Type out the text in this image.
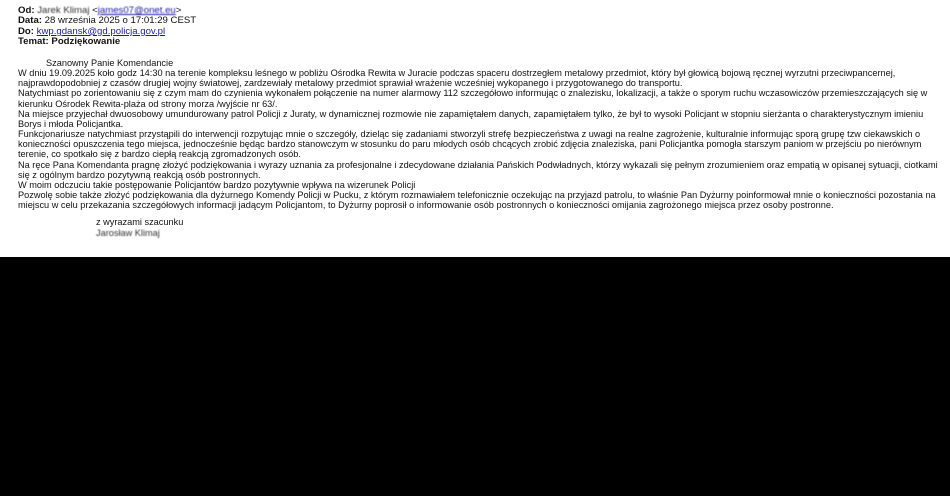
Od: Jarek Klimaj <james07@onet.eu>
Data: 28 września 2025 o 17:01:29 CEST
Do: kwp.gdansk@gd.policja.gov.pl
Temat: Podziękowanie
Szanowny Panie Komendancie

W dniu 19.09.2025 koło godz 14:30 na terenie kompleksu leśnego w pobliżu Ośrodka Rewita w Juracie podczas spaceru dostrzegłem metalowy przedmiot, który był głowicą bojową ręcznej wyrzutni przeciwpancernej, najprawdopodobniej z czasów drugiej wojny światowej, zardzewiały metalowy przedmiot sprawiał wrażenie wcześniej wykopanego i przygotowanego do transportu.

Natychmiast po zorientowaniu się z czym mam do czynienia wykonałem połączenie na numer alarmowy 112 szczegółowo informując o znalezisku, lokalizacji, a także o sporym ruchu wczasowiczów przemieszczających się w kierunku Ośrodek Rewita-plaża od strony morza /wyjście nr 63/.

Na miejsce przyjechał dwuosobowy umundurowany patrol Policji z Juraty, w dynamicznej rozmowie nie zapamiętałem danych, zapamiętałem tylko, że był to wysoki Policjant w stopniu sierżanta o charakterystycznym imieniu Borys i młoda Policjantka.

Funkcjonariusze natychmiast przystąpili do interwencji rozpytując mnie o szczegóły, dzieląc się zadaniami stworzyli strefę bezpieczeństwa z uwagi na realne zagrożenie, kulturalnie informując sporą grupę tzw ciekawskich o konieczności opuszczenia tego miejsca, jednocześnie będąc bardzo stanowczym w stosunku do paru młodych osób chcących zrobić zdjęcia znaleziska, pani Policjantka pomogła starszym paniom w przejściu po nierównym terenie, co spotkało się z bardzo ciepłą reakcją zgromadzonych osób.

Na ręce Pana Komendanta pragnę złożyć podziękowania i wyrazy uznania za profesjonalne i zdecydowane działania Pańskich Podwładnych, którzy wykazali się pełnym zrozumieniem oraz empatią w opisanej sytuacji, ciotkami się z ogólnym bardzo pozytywną reakcją osób postronnych.

W moim odczuciu takie postępowanie Policjantów bardzo pozytywnie wpływa na wizerunek Policji

Pozwolę sobie także złożyć podziękowania dla dyżurnego Komendy Policji w Pucku, z którym rozmawiałem telefonicznie oczekując na przyjazd patrolu, to właśnie Pan Dyżurny poinformował mnie o konieczności pozostania na miejscu w celu przekazania szczegółowych informacji jadącym Policjantom, to Dyżurny poprosił o informowanie osób postronnych o konieczności omijania zagrożonego miejsca przez osoby postronne.

z wyrazami szacunku
Jarosław Klimaj
